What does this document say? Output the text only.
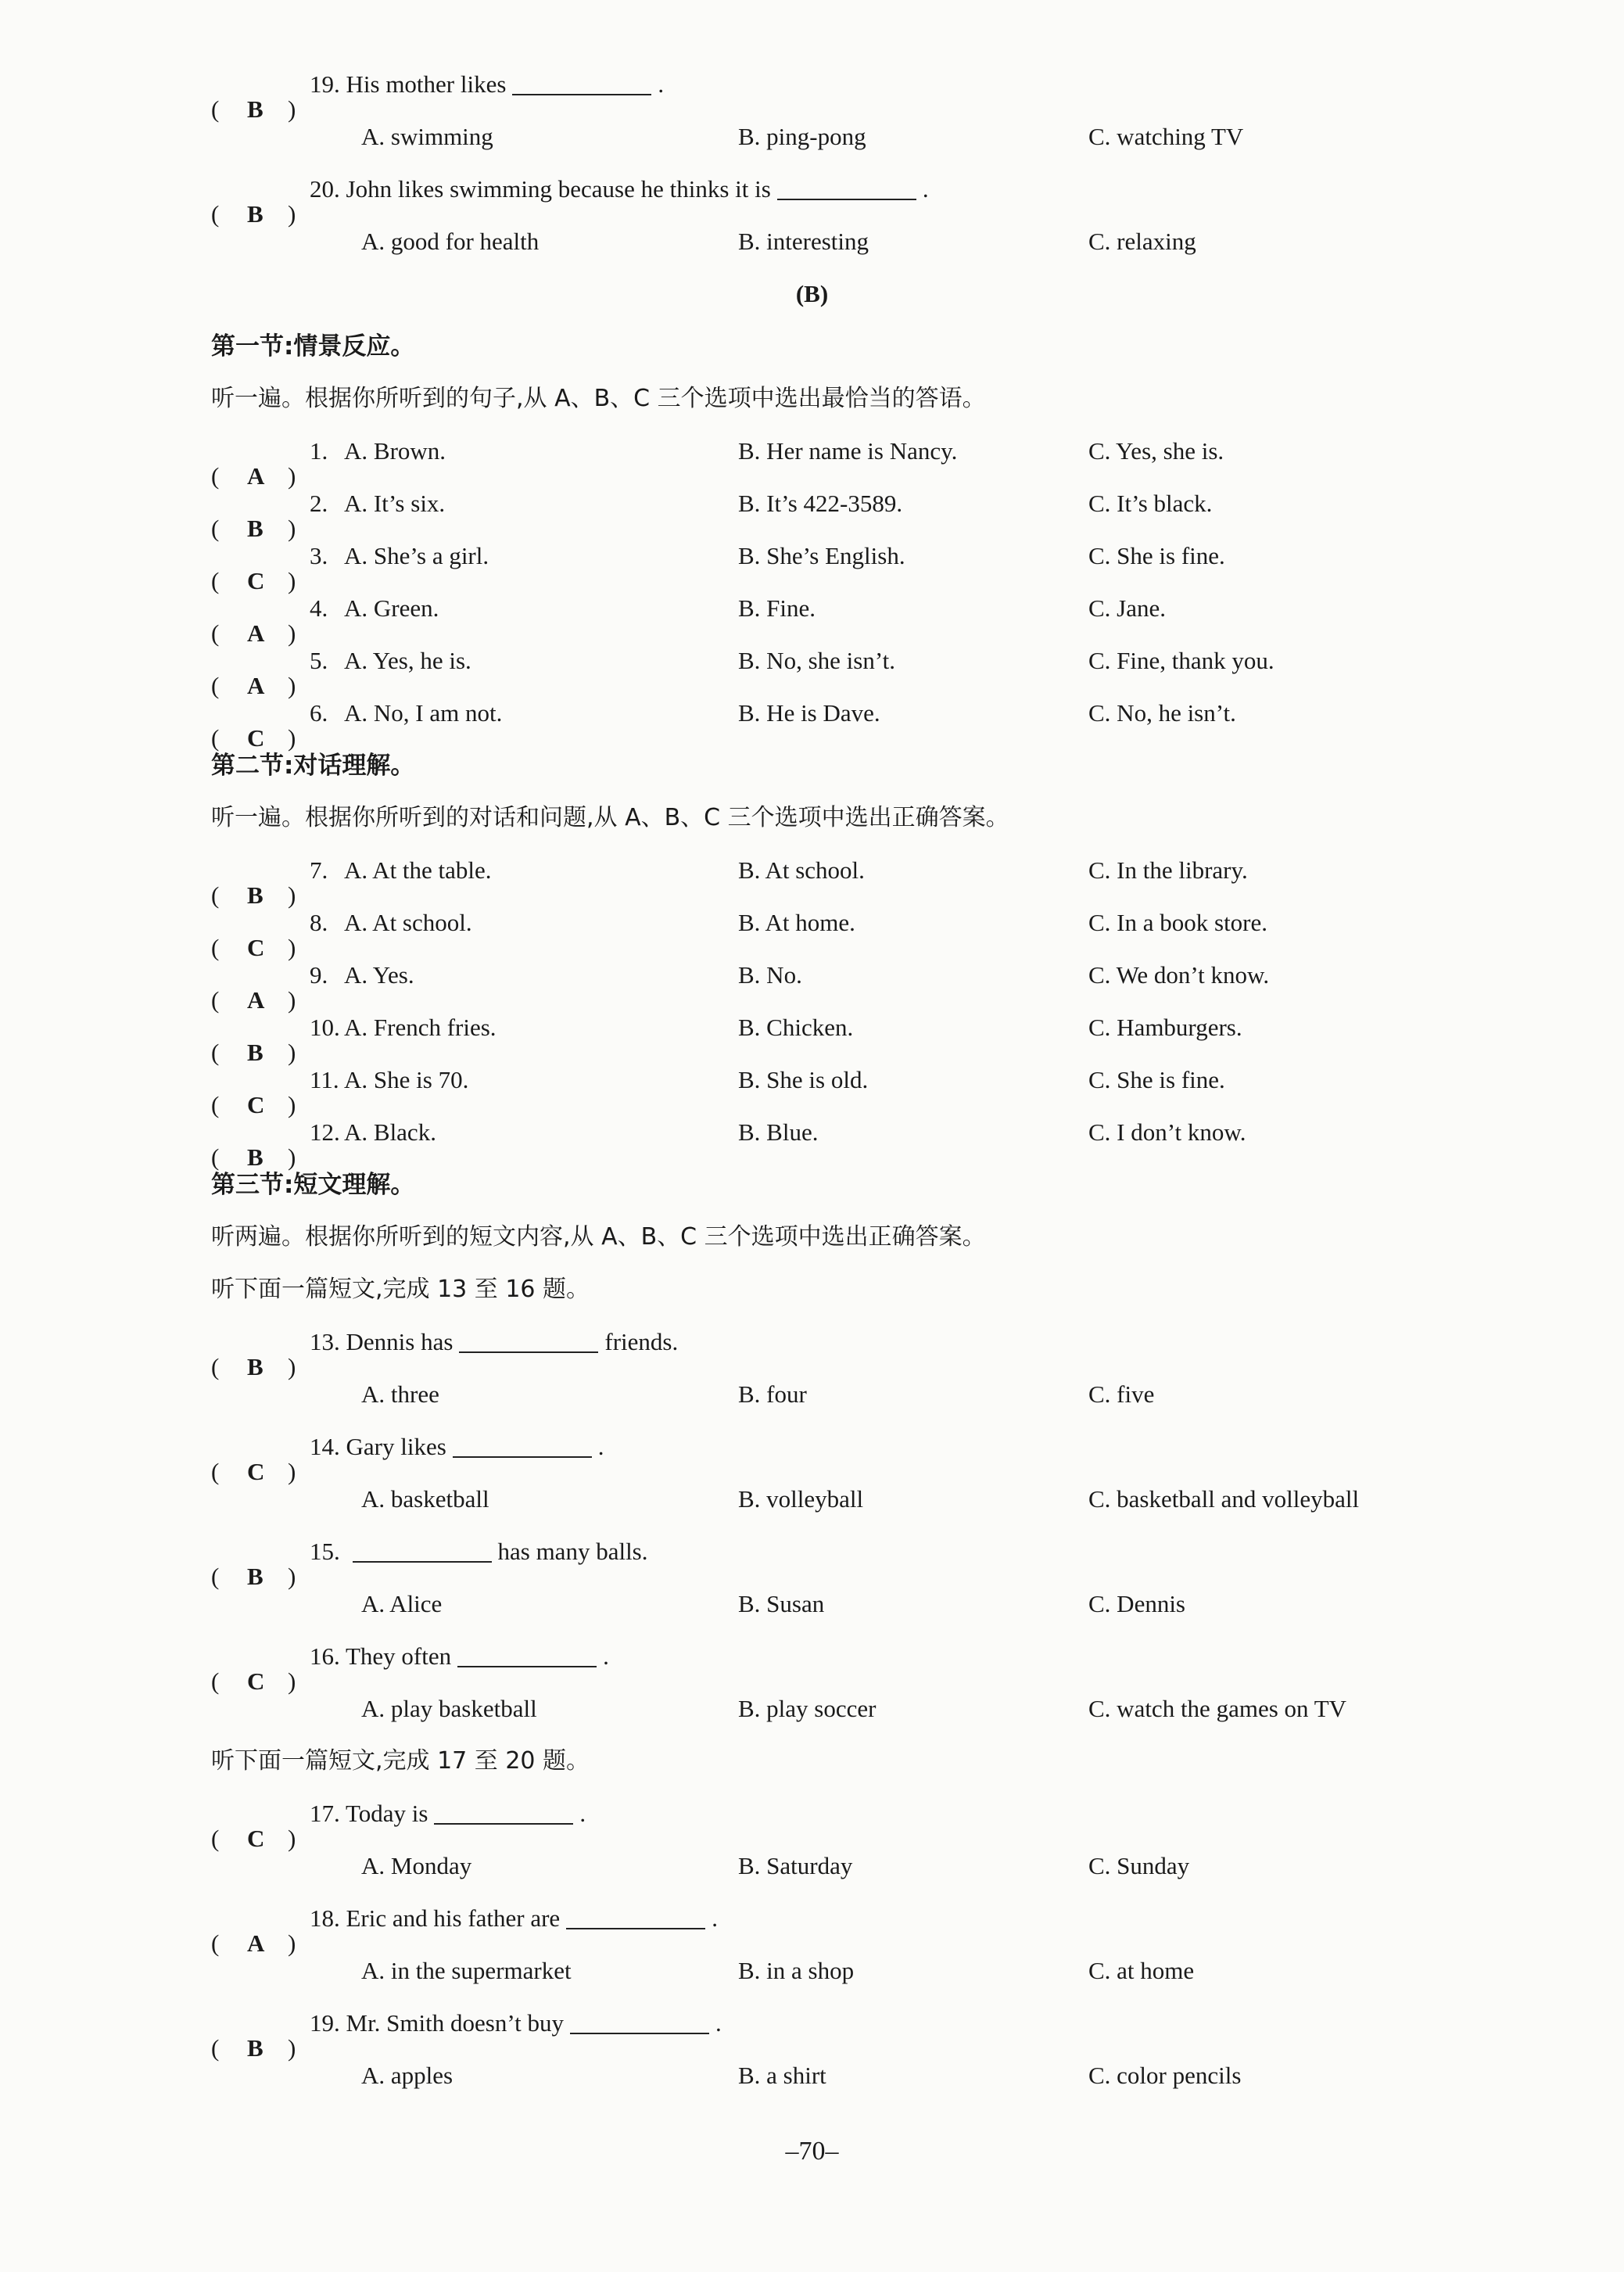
( B )
19. His mother likes	.
A. swimming	B. ping-pong	C. watching TV
( B )
20. John likes swimming because he thinks it is	.
A. good for health	B. interesting	C. relaxing
(B)
第一节:情景反应。
听一遍。根据你所听到的句子,从 A、B、C 三个选项中选出最恰当的答语。
( A )
1. A. Brown.	B. Her name is Nancy.	C. Yes, she is.
( B )
2. A. It’s six.	B. It’s 422-3589.	C. It’s black.
( C )
3. A. She’s a girl.	B. She’s English.	C. She is fine.
( A )
4. A. Green.	B. Fine.	C. Jane.
( A )
5. A. Yes, he is.	B. No, she isn’t.	C. Fine, thank you.
( C )
6. A. No, I am not.	B. He is Dave.	C. No, he isn’t.
第二节:对话理解。
听一遍。根据你所听到的对话和问题,从 A、B、C 三个选项中选出正确答案。
( B )
7. A. At the table.	B. At school.	C. In the library.
( C )
8. A. At school.	B. At home.	C. In a book store.
( A )
9. A. Yes.	B. No.	C. We don’t know.
( B )
10. A. French fries.	B. Chicken.	C. Hamburgers.
( C )
11. A. She is 70.	B. She is old.	C. She is fine.
( B )
12. A. Black.	B. Blue.	C. I don’t know.
第三节:短文理解。
听两遍。根据你所听到的短文内容,从 A、B、C 三个选项中选出正确答案。
听下面一篇短文,完成 13 至 16 题。
( B )
13. Dennis has	friends.
A. three	B. four	C. five
( C )
14. Gary likes	.
A. basketball	B. volleyball	C. basketball and volleyball
( B )
15.	has many balls.
A. Alice	B. Susan	C. Dennis
( C )
16. They often	.
A. play basketball	B. play soccer	C. watch the games on TV
听下面一篇短文,完成 17 至 20 题。
( C )
17. Today is	.
A. Monday	B. Saturday	C. Sunday
( A )
18. Eric and his father are	.
A. in the supermarket	B. in a shop	C. at home
( B )
19. Mr. Smith doesn’t buy	.
A. apples	B. a shirt	C. color pencils
–70–
